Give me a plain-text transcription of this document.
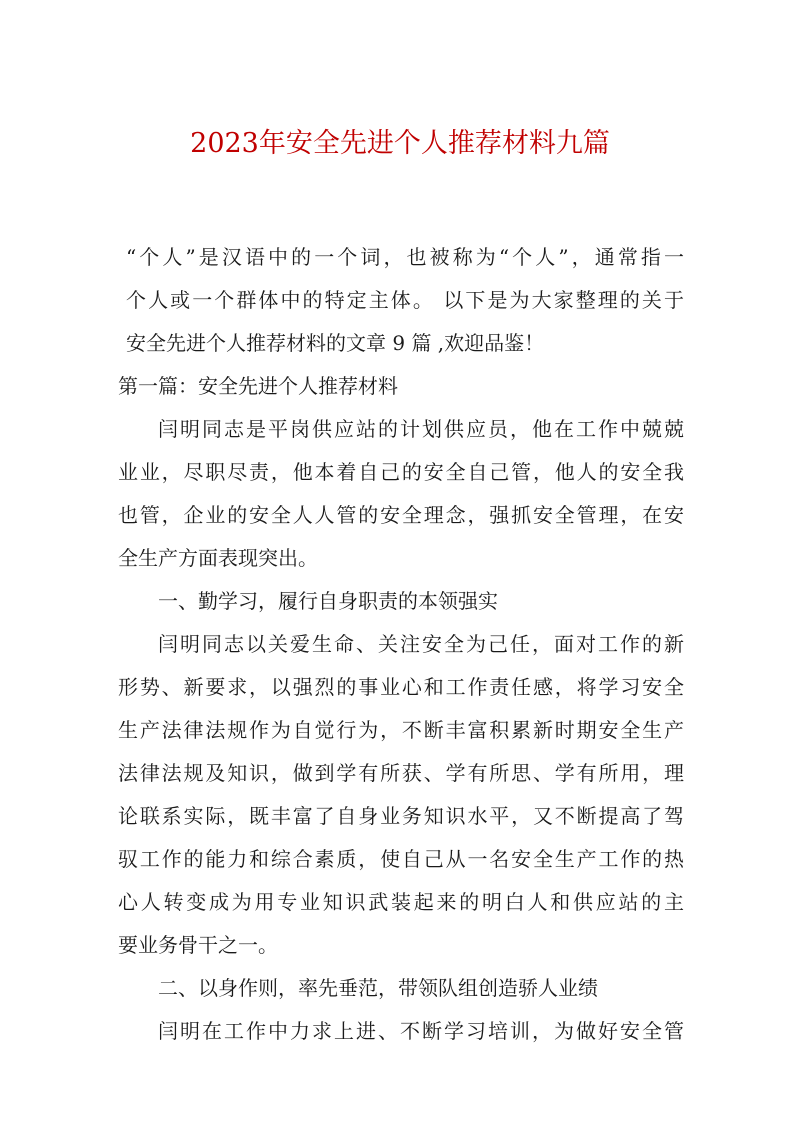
2023年安全先进个人推荐材料九篇
“个人”是汉语中的一个词，也被称为“个人”，通常指一
个人或一个群体中的特定主体。 以下是为大家整理的关于
安全先进个人推荐材料的文章 9 篇 ,欢迎品鉴！
第一篇：安全先进个人推荐材料
闫明同志是平岗供应站的计划供应员，他在工作中兢兢
业业，尽职尽责，他本着自己的安全自己管，他人的安全我
也管，企业的安全人人管的安全理念，强抓安全管理，在安
全生产方面表现突出。
一、勤学习，履行自身职责的本领强实
闫明同志以关爱生命、关注安全为己任，面对工作的新
形势、新要求，以强烈的事业心和工作责任感，将学习安全
生产法律法规作为自觉行为，不断丰富积累新时期安全生产
法律法规及知识，做到学有所获、学有所思、学有所用，理
论联系实际，既丰富了自身业务知识水平，又不断提高了驾
驭工作的能力和综合素质，使自己从一名安全生产工作的热
心人转变成为用专业知识武装起来的明白人和供应站的主
要业务骨干之一。
二、以身作则，率先垂范，带领队组创造骄人业绩
闫明在工作中力求上进、不断学习培训，为做好安全管
